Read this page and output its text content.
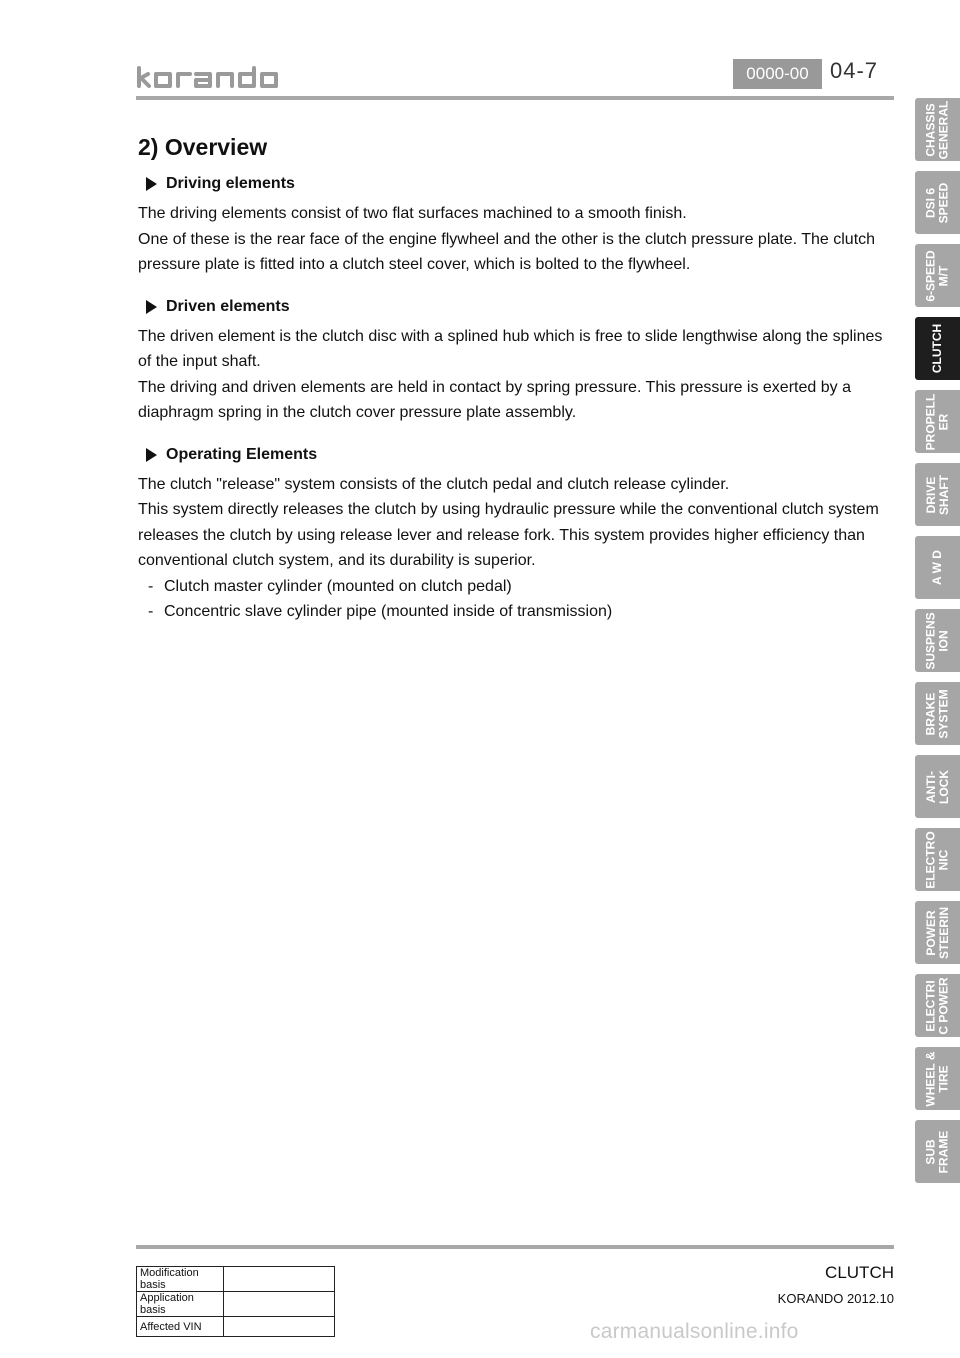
0000-00 04-7
2) Overview
Driving elements

The driving elements consist of two flat surfaces machined to a smooth finish.

One of these is the rear face of the engine flywheel and the other is the clutch pressure plate. The clutch

pressure plate is fitted into a clutch steel cover, which is bolted to the flywheel.

Driven elements

The driven element is the clutch disc with a splined hub which is free to slide lengthwise along the splines

of the input shaft.

The driving and driven elements are held in contact by spring pressure. This pressure is exerted by a

diaphragm spring in the clutch cover pressure plate assembly.

Operating Elements

The clutch "release" system consists of the clutch pedal and clutch release cylinder.

This system directly releases the clutch by using hydraulic pressure while the conventional clutch system

releases the clutch by using release lever and release fork. This system provides higher efficiency than

conventional clutch system, and its durability is superior.

- Clutch master cylinder (mounted on clutch pedal)
- Concentric slave cylinder pipe (mounted inside of transmission)
CHASSIS
GENERAL
DSI 6
SPEED
6-SPEED
M/T
CLUTCH
PROPELL
ER
DRIVE
SHAFT
A W D
SUSPENS
ION
BRAKE
SYSTEM
ANTI-
LOCK
ELECTRO
NIC
POWER
STEERIN
ELECTRI
C POWER
WHEEL &
TIRE
SUB
FRAME
CLUTCH
KORANDO 2012.10
Modification basis	
Application basis	
Affected VIN		carmanualsonline.info
